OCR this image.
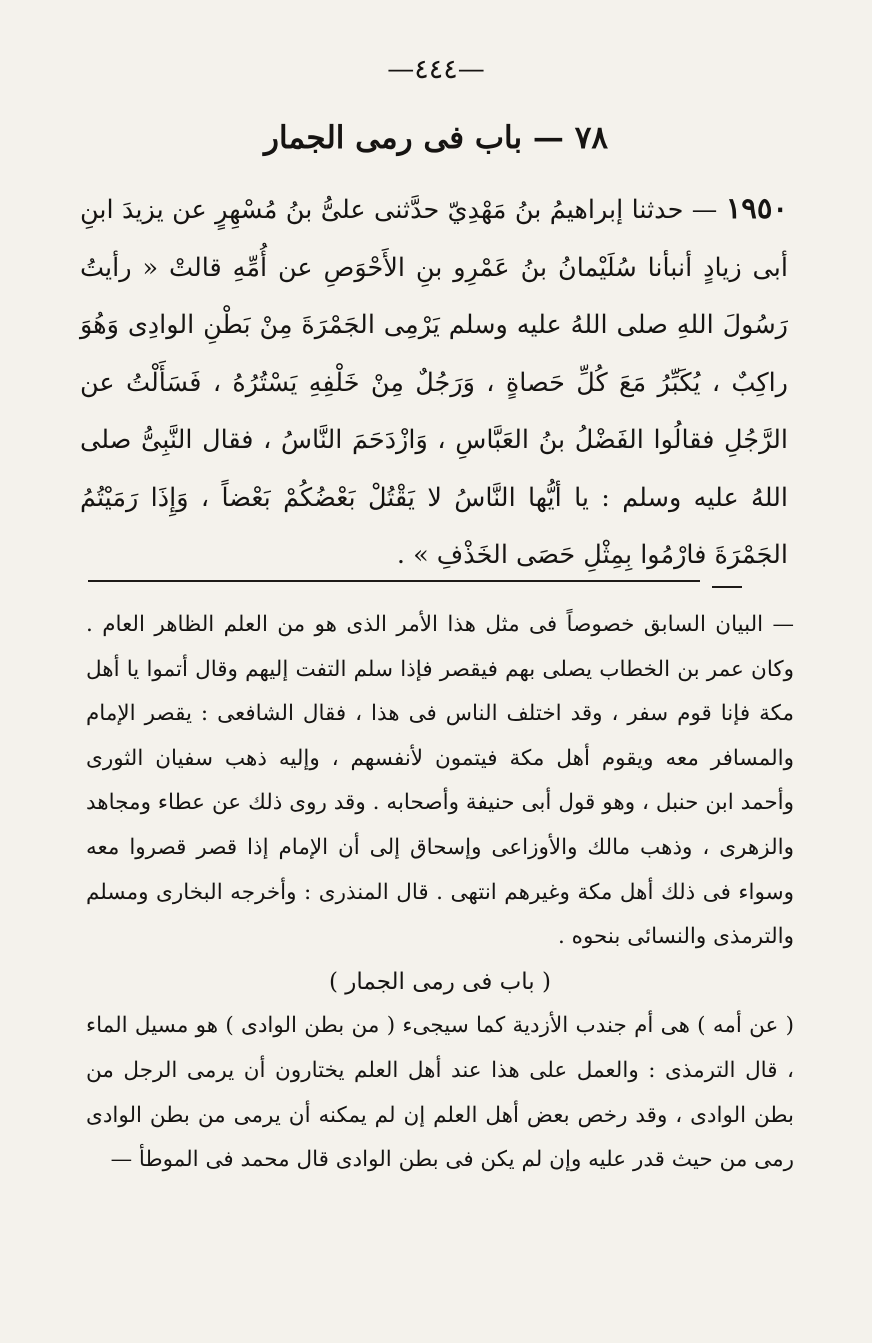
—٤٤٤—
٧٨ — باب فى رمى الجمار
١٩٥٠ — حدثنا إبراهيمُ بنُ مَهْدِيّ حدَّثنى علىُّ بنُ مُسْهِرٍ عن يزيدَ ابنِ أبى زيادٍ أنبأنا سُلَيْمانُ بنُ عَمْرِو بنِ الأَحْوَصِ عن أُمِّهِ قالتْ « رأيتُ رَسُولَ اللهِ صلى اللهُ عليه وسلم يَرْمِى الجَمْرَةَ مِنْ بَطْنِ الوادِى وَهُوَ راكِبٌ ، يُكَبِّرُ مَعَ كُلِّ حَصاةٍ ، وَرَجُلٌ مِنْ خَلْفِهِ يَسْتُرُهُ ، فَسَأَلْتُ عن الرَّجُلِ فقالُوا الفَضْلُ بنُ العَبَّاسِ ، وَازْدَحَمَ النَّاسُ ، فقال النَّبِىُّ صلى اللهُ عليه وسلم : يا أيُّها النَّاسُ لا يَقْتُلْ بَعْضُكُمْ بَعْضاً ، وَإِذَا رَمَيْتُمُ الجَمْرَةَ فارْمُوا بِمِثْلِ حَصَى الخَذْفِ » .
— البيان السابق خصوصاً فى مثل هذا الأمر الذى هو من العلم الظاهر العام . وكان عمر بن الخطاب يصلى بهم فيقصر فإذا سلم التفت إليهم وقال أتموا يا أهل مكة فإنا قوم سفر ، وقد اختلف الناس فى هذا ، فقال الشافعى : يقصر الإمام والمسافر معه ويقوم أهل مكة فيتمون لأنفسهم ، وإليه ذهب سفيان الثورى وأحمد ابن حنبل ، وهو قول أبى حنيفة وأصحابه . وقد روى ذلك عن عطاء ومجاهد والزهرى ، وذهب مالك والأوزاعى وإسحاق إلى أن الإمام إذا قصر قصروا معه وسواء فى ذلك أهل مكة وغيرهم انتهى . قال المنذرى : وأخرجه البخارى ومسلم والترمذى والنسائى بنحوه .
( باب فى رمى الجمار )
( عن أمه ) هى أم جندب الأزدية كما سيجىء ( من بطن الوادى ) هو مسيل الماء ، قال الترمذى : والعمل على هذا عند أهل العلم يختارون أن يرمى الرجل من بطن الوادى ، وقد رخص بعض أهل العلم إن لم يمكنه أن يرمى من بطن الوادى رمى من حيث قدر عليه وإن لم يكن فى بطن الوادى قال محمد فى الموطأ —
